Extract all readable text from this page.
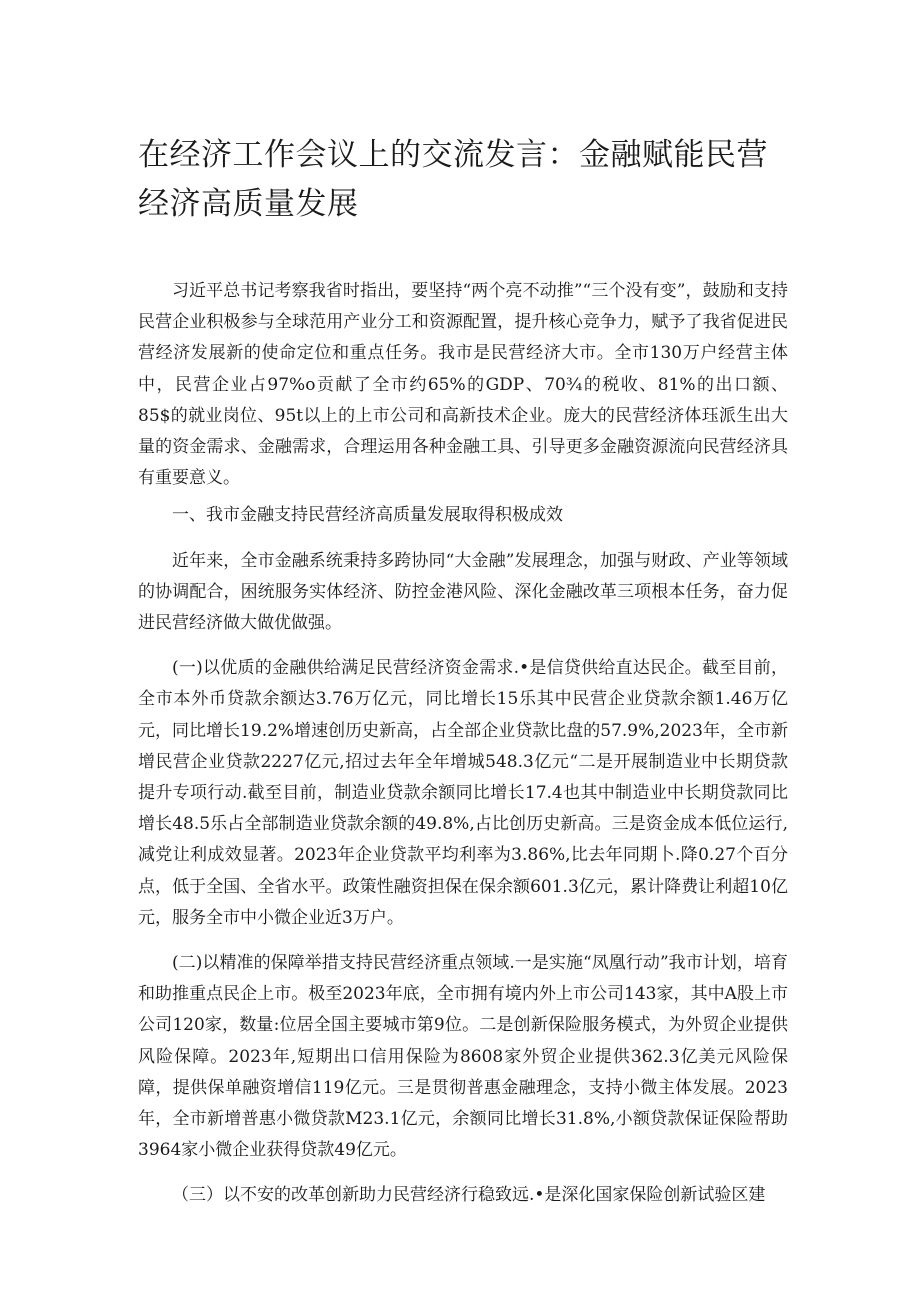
在经济工作会议上的交流发言：金融赋能民营经济高质量发展

习近平总书记考察我省时指出，要坚持“两个亮不动推”“三个没有变”，鼓励和支持民营企业积极参与全球范用产业分工和资源配置，提升核心竞争力，赋予了我省促进民营经济发展新的使命定位和重点任务。我市是民营经济大市。全市130万户经营主体中，民营企业占97%o贡献了全市约65%的GDP、70¾的税收、81%的出口额、85$的就业岗位、95t以上的上市公司和高新技术企业。庞大的民营经济体珏派生出大量的资金需求、金融需求，合理运用各种金融工具、引导更多金融资源流向民营经济具有重要意义。

一、我市金融支持民营经济高质量发展取得积极成效

近年来，全市金融系统秉持多跨协同“大金融”发展理念，加强与财政、产业等领域的协调配合，困统服务实体经济、防控金港风险、深化金融改革三项根本任务，奋力促进民营经济做大做优做强。

(一)以优质的金融供给满足民营经济资金需求.•是信贷供给直达民企。截至目前，全市本外币贷款余额达3.76万亿元，同比增长15乐其中民营企业贷款余额1.46万亿元，同比增长19.2%增速创历史新高，占全部企业贷款比盘的57.9%,2023年，全市新增民营企业贷款2227亿元,招过去年全年增城548.3亿元“二是开展制造业中长期贷款提升专项行动.截至目前，制造业贷款余额同比增长17.4也其中制造业中长期贷款同比增长48.5乐占全部制造业贷款余额的49.8%,占比创历史新高。三是资金成本低位运行,减党让利成效显著。2023年企业贷款平均利率为3.86%,比去年同期卜.降0.27个百分点，低于全国、全省水平。政策性融资担保在保余额601.3亿元，累计降费让利超10亿元，服务全市中小微企业近3万户。

(二)以精准的保障举措支持民营经济重点领域.一是实施“凤凰行动”我市计划，培育和助推重点民企上市。极至2023年底，全市拥有境内外上市公司143家，其中A股上市公司120家，数量:位居全国主要城市第9位。二是创新保险服务模式，为外贸企业提供风险保障。2023年,短期出口信用保险为8608家外贸企业提供362.3亿美元风险保障，提供保单融资增信119亿元。三是贯彻普惠金融理念，支持小微主体发展。2023年，全市新增普惠小微贷款M23.1亿元，余额同比增长31.8%,小额贷款保证保险帮助3964家小微企业获得贷款49亿元。

（三）以不安的改革创新助力民营经济行稳致远.•是深化国家保险创新试验区建
